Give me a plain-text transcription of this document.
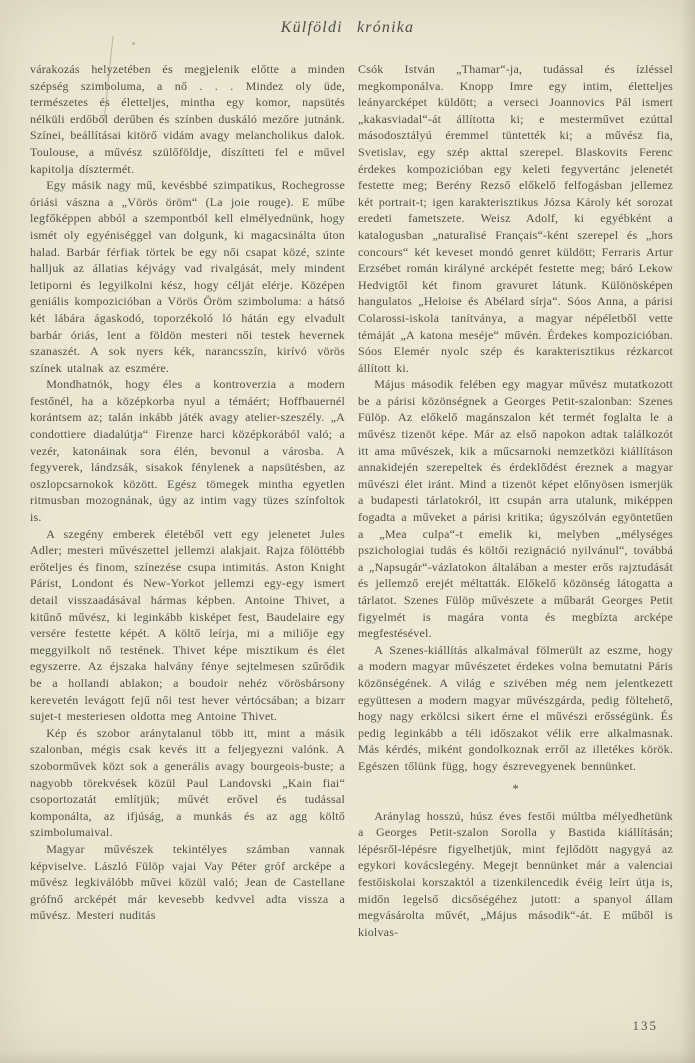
Külföldi krónika

várakozás helyzetében és megjelenik előtte a minden szépség szimboluma, a nő . . . Mindez oly üde, természetes és életteljes, mintha egy komor, napsütés nélküli erdőből derűben és színben duskáló mezőre jutnánk. Színei, beállításai kitörő vidám avagy melancholikus dalok. Toulouse, a művész szülőföldje, díszítteti fel e művel kapitolja dísztermét.

Egy másik nagy mű, kevésbbé szimpatikus, Rochegrosse óriási vászna a „Vörös öröm“ (La joie rouge). E műbe legfőképpen abból a szempontból kell elmélyednünk, hogy ismét oly egyéniséggel van dolgunk, ki magacsinálta úton halad. Barbár férfiak törtek be egy női csapat közé, szinte halljuk az állatias kéjvágy vad rivalgását, mely mindent letiporni és legyilkolni kész, hogy célját elérje. Középen geniális kompozicióban a Vörös Öröm szimboluma: a hátsó két lábára ágaskodó, toporzékoló ló hátán egy elvadult barbár óriás, lent a földön mesteri női testek hevernek szanaszét. A sok nyers kék, narancsszín, kirívó vörös színek utalnak az eszmére.

Mondhatnók, hogy éles a kontroverzia a modern festőnél, ha a középkorba nyul a témáért; Hoffbauernél korántsem az; talán inkább játék avagy atelier-szeszély. „A condottiere diadalútja“ Firenze harci középkorából való; a vezér, katonáinak sora élén, bevonul a városba. A fegyverek, lándzsák, sisakok fénylenek a napsütésben, az oszlopcsarnokok között. Egész tömegek mintha egyetlen ritmusban mozognának, úgy az intim vagy tüzes színfoltok is.

A szegény emberek életéből vett egy jelenetet Jules Adler; mesteri művészettel jellemzi alakjait. Rajza fölöttébb erőteljes és finom, színezése csupa intimitás. Aston Knight Párist, Londont és New-Yorkot jellemzi egy-egy ismert detail visszaadásával hármas képben. Antoine Thivet, a kitűnő művész, ki leginkább kisképet fest, Baudelaire egy versére festette képét. A költő leírja, mi a miliője egy meggyilkolt nő testének. Thivet képe misztikum és élet egyszerre. Az éjszaka halvány fénye sejtelmesen szűrődik be a hollandi ablakon; a boudoir nehéz vörösbársony kerevetén levágott fejű női test hever vértócsában; a bizarr sujet-t mesteriesen oldotta meg Antoine Thivet.

Kép és szobor aránytalanul több itt, mint a másik szalonban, mégis csak kevés itt a feljegyezni valónk. A szoborművek közt sok a generális avagy bourgeois-buste; a nagyobb törekvések közül Paul Landovski „Kain fiai“ csoportozatát említjük; művét erővel és tudással komponálta, az ifjúság, a munkás és az agg költő szimbolumaival.

Magyar művészek tekintélyes számban vannak képviselve. László Fülöp vajai Vay Péter gróf arcképe a művész legkiválóbb művei közül való; Jean de Castellane grófnő arcképét már kevesebb kedvvel adta vissza a művész. Mesteri nuditás

Csók István „Thamar“-ja, tudással és ízléssel megkomponálva. Knopp Imre egy intim, életteljes leányarcképet küldött; a verseci Joannovics Pál ismert „kakasviadal“-át állította ki; e mesterművet ezúttal másodosztályú éremmel tüntették ki; a művész fia, Svetislav, egy szép akttal szerepel. Blaskovits Ferenc érdekes kompozicióban egy keleti fegyvertánc jelenetét festette meg; Berény Rezső előkelő felfogásban jellemez két portrait-t; igen karakterisztikus Józsa Károly két sorozat eredeti fametszete. Weisz Adolf, ki egyébként a katalogusban „naturalisé Français“-ként szerepel és „hors concours“ két keveset mondó genret küldött; Ferraris Artur Erzsébet román királyné arcképét festette meg; báró Lekow Hedvigtől két finom gravuret látunk. Különösképen hangulatos „Heloise és Abélard sírja“. Sóos Anna, a párisi Colarossi-iskola tanítványa, a magyar népéletből vette témáját „A katona meséje“ művén. Érdekes kompozicióban. Sóos Elemér nyolc szép és karakterisztikus rézkarcot állított ki.

Május második felében egy magyar művész mutatkozott be a párisi közönségnek a Georges Petit-szalonban: Szenes Fülöp. Az előkelő magánszalon két termét foglalta le a művész tizenöt képe. Már az első napokon adtak találkozót itt ama művészek, kik a műcsarnoki nemzetközi kiállításon annakidején szerepeltek és érdeklődést éreznek a magyar művészi élet iránt. Mind a tizenöt képet előnyösen ismerjük a budapesti tárlatokról, itt csupán arra utalunk, miképpen fogadta a műveket a párisi kritika; úgyszólván egyöntetűen a „Mea culpa“-t emelik ki, melyben „mélységes pszichologiai tudás és költői rezignáció nyilvánul“, továbbá a „Napsugár“-vázlatokon általában a mester erős rajztudását és jellemző erejét méltatták. Előkelő közönség látogatta a tárlatot. Szenes Fülöp művészete a műbarát Georges Petit figyelmét is magára vonta és megbízta arcképe megfestésével.

A Szenes-kiállítás alkalmával fölmerült az eszme, hogy a modern magyar művészetet érdekes volna bemutatni Páris közönségének. A világ e szivében még nem jelentkezett együttesen a modern magyar művészgárda, pedig föltehető, hogy nagy erkölcsi sikert érne el művészi erősségünk. És pedig leginkább a téli időszakot vélik erre alkalmasnak. Más kérdés, miként gondolkoznak erről az illetékes körök. Egészen tőlünk függ, hogy észrevegyenek bennünket.

*

Aránylag hosszú, húsz éves festői múltba mélyedhetünk a Georges Petit-szalon Sorolla y Bastida kiállításán; lépésről-lépésre figyelhetjük, mint fejlődött nagygyá az egykori kovácslegény. Megejt bennünket már a valenciai festőiskolai korszaktól a tizenkilencedik évéig leírt útja is, midőn legelső dicsőségéhez jutott: a spanyol állam megvásárolta művét, „Május második“-át. E műből is kiolvas-

135
